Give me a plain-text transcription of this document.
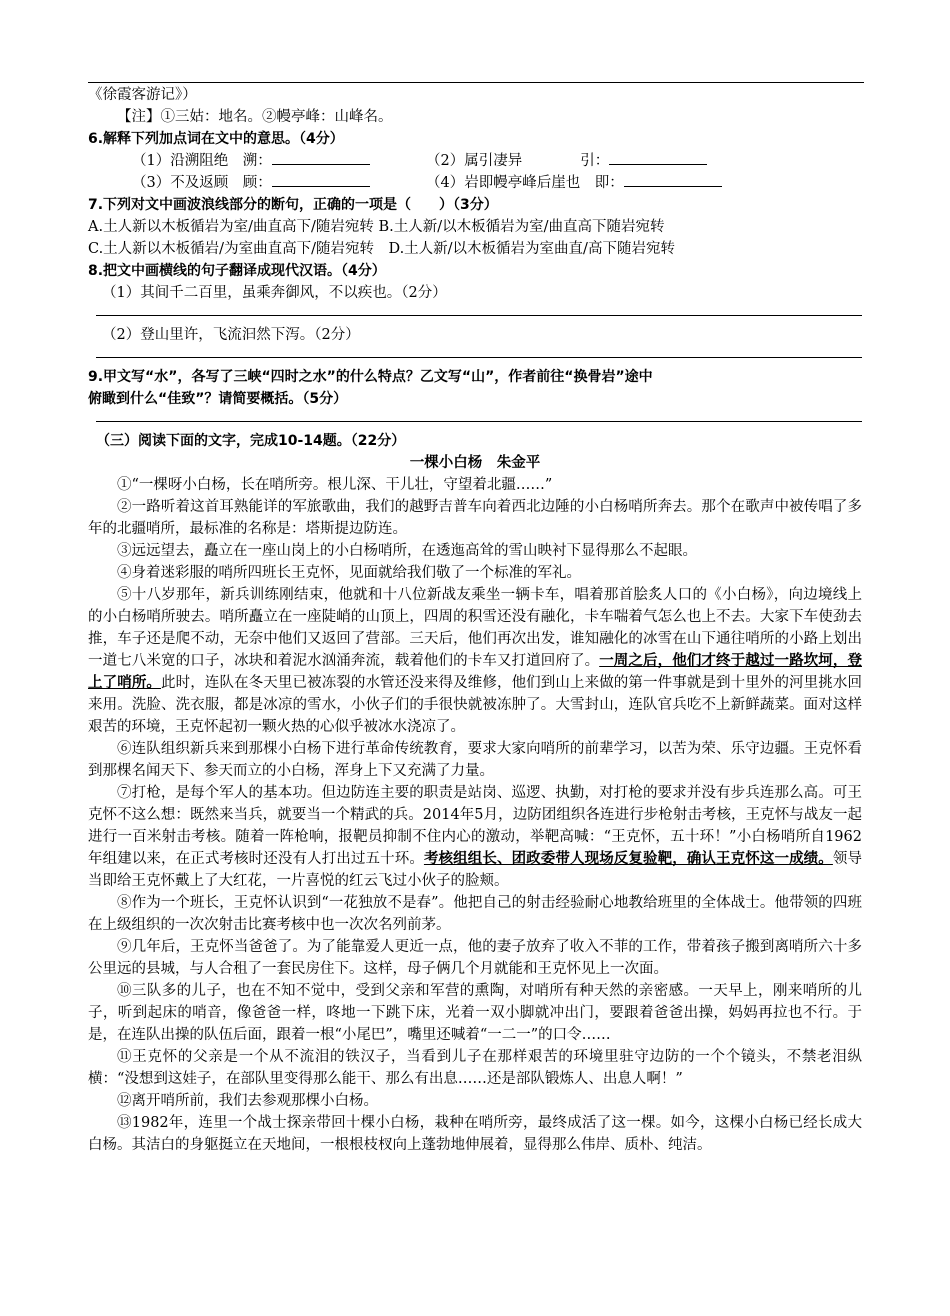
《徐霞客游记》）

【注】①三姑：地名。②幔亭峰：山峰名。

6.解释下列加点词在文中的意思。（4分）

（1）沿溯阻绝　溯：	（2）属引凄异　　　　引：
（3）不及返顾　顾：	（4）岩即幔亭峰后崖也　即：

7.下列对文中画波浪线部分的断句，正确的一项是（　　）（3分）

A.土人新以木板循岩为室/曲直高下/随岩宛转 B.土人新/以木板循岩为室/曲直高下随岩宛转

C.土人新以木板循岩/为室曲直高下/随岩宛转　D.土人新/以木板循岩为室曲直/高下随岩宛转

8.把文中画横线的句子翻译成现代汉语。（4分）

（1）其间千二百里，虽乘奔御风，不以疾也。（2分）

（2）登山里许，飞流汩然下泻。（2分）

9.甲文写“水”，各写了三峡“四时之水”的什么特点？乙文写“山”，作者前往“换骨岩”途中

俯瞰到什么“佳致”？请简要概括。（5分）

（三）阅读下面的文字，完成10-14题。（22分）

一棵小白杨　朱金平

①“一棵呀小白杨，长在哨所旁。根儿深、干儿壮，守望着北疆……”

②一路听着这首耳熟能详的军旅歌曲，我们的越野吉普车向着西北边陲的小白杨哨所奔去。那个在歌声中被传唱了多年的北疆哨所，最标准的名称是：塔斯提边防连。

③远远望去，矗立在一座山岗上的小白杨哨所，在透迤高耸的雪山映衬下显得那么不起眼。

④身着迷彩服的哨所四班长王克怀，见面就给我们敬了一个标准的军礼。

⑤十八岁那年，新兵训练刚结束，他就和十八位新战友乘坐一辆卡车，唱着那首脍炙人口的《小白杨》，向边境线上的小白杨哨所驶去。哨所矗立在一座陡峭的山顶上，四周的积雪还没有融化，卡车喘着气怎么也上不去。大家下车使劲去推，车子还是爬不动，无奈中他们又返回了营部。三天后，他们再次出发，谁知融化的冰雪在山下通往哨所的小路上划出一道七八米宽的口子，冰块和着泥水汹涌奔流，载着他们的卡车又打道回府了。一周之后，他们才终于越过一路坎坷，登上了哨所。此时，连队在冬天里已被冻裂的水管还没来得及维修，他们到山上来做的第一件事就是到十里外的河里挑水回来用。洗脸、洗衣服，都是冰凉的雪水，小伙子们的手很快就被冻肿了。大雪封山，连队官兵吃不上新鲜蔬菜。面对这样艰苦的环境，王克怀起初一颗火热的心似乎被冰水浇凉了。

⑥连队组织新兵来到那棵小白杨下进行革命传统教育，要求大家向哨所的前辈学习，以苦为荣、乐守边疆。王克怀看到那棵名闻天下、参天而立的小白杨，浑身上下又充满了力量。

⑦打枪，是每个军人的基本功。但边防连主要的职责是站岗、巡逻、执勤，对打枪的要求并没有步兵连那么高。可王克怀不这么想：既然来当兵，就要当一个精武的兵。2014年5月，边防团组织各连进行步枪射击考核，王克怀与战友一起进行一百米射击考核。随着一阵枪响，报靶员抑制不住内心的激动，举靶高喊：“王克怀，五十环！”小白杨哨所自1962年组建以来，在正式考核时还没有人打出过五十环。考核组组长、团政委带人现场反复验靶，确认王克怀这一成绩。领导当即给王克怀戴上了大红花，一片喜悦的红云飞过小伙子的脸颊。

⑧作为一个班长，王克怀认识到“一花独放不是春”。他把自己的射击经验耐心地教给班里的全体战士。他带领的四班在上级组织的一次次射击比赛考核中也一次次名列前茅。

⑨几年后，王克怀当爸爸了。为了能靠爱人更近一点，他的妻子放弃了收入不菲的工作，带着孩子搬到离哨所六十多公里远的县城，与人合租了一套民房住下。这样，母子俩几个月就能和王克怀见上一次面。

⑩三队多的儿子，也在不知不觉中，受到父亲和军营的熏陶，对哨所有种天然的亲密感。一天早上，刚来哨所的儿子，听到起床的哨音，像爸爸一样，咚地一下跳下床，光着一双小脚就冲出门，要跟着爸爸出操，妈妈再拉也不行。于是，在连队出操的队伍后面，跟着一根“小尾巴”，嘴里还喊着“一二一”的口令……

⑪王克怀的父亲是一个从不流泪的铁汉子，当看到儿子在那样艰苦的环境里驻守边防的一个个镜头，不禁老泪纵横：“没想到这娃子，在部队里变得那么能干、那么有出息……还是部队锻炼人、出息人啊！”

⑫离开哨所前，我们去参观那棵小白杨。

⑬1982年，连里一个战士探亲带回十棵小白杨，栽种在哨所旁，最终成活了这一棵。如今，这棵小白杨已经长成大白杨。其洁白的身躯挺立在天地间，一根根枝杈向上蓬勃地伸展着，显得那么伟岸、质朴、纯洁。
